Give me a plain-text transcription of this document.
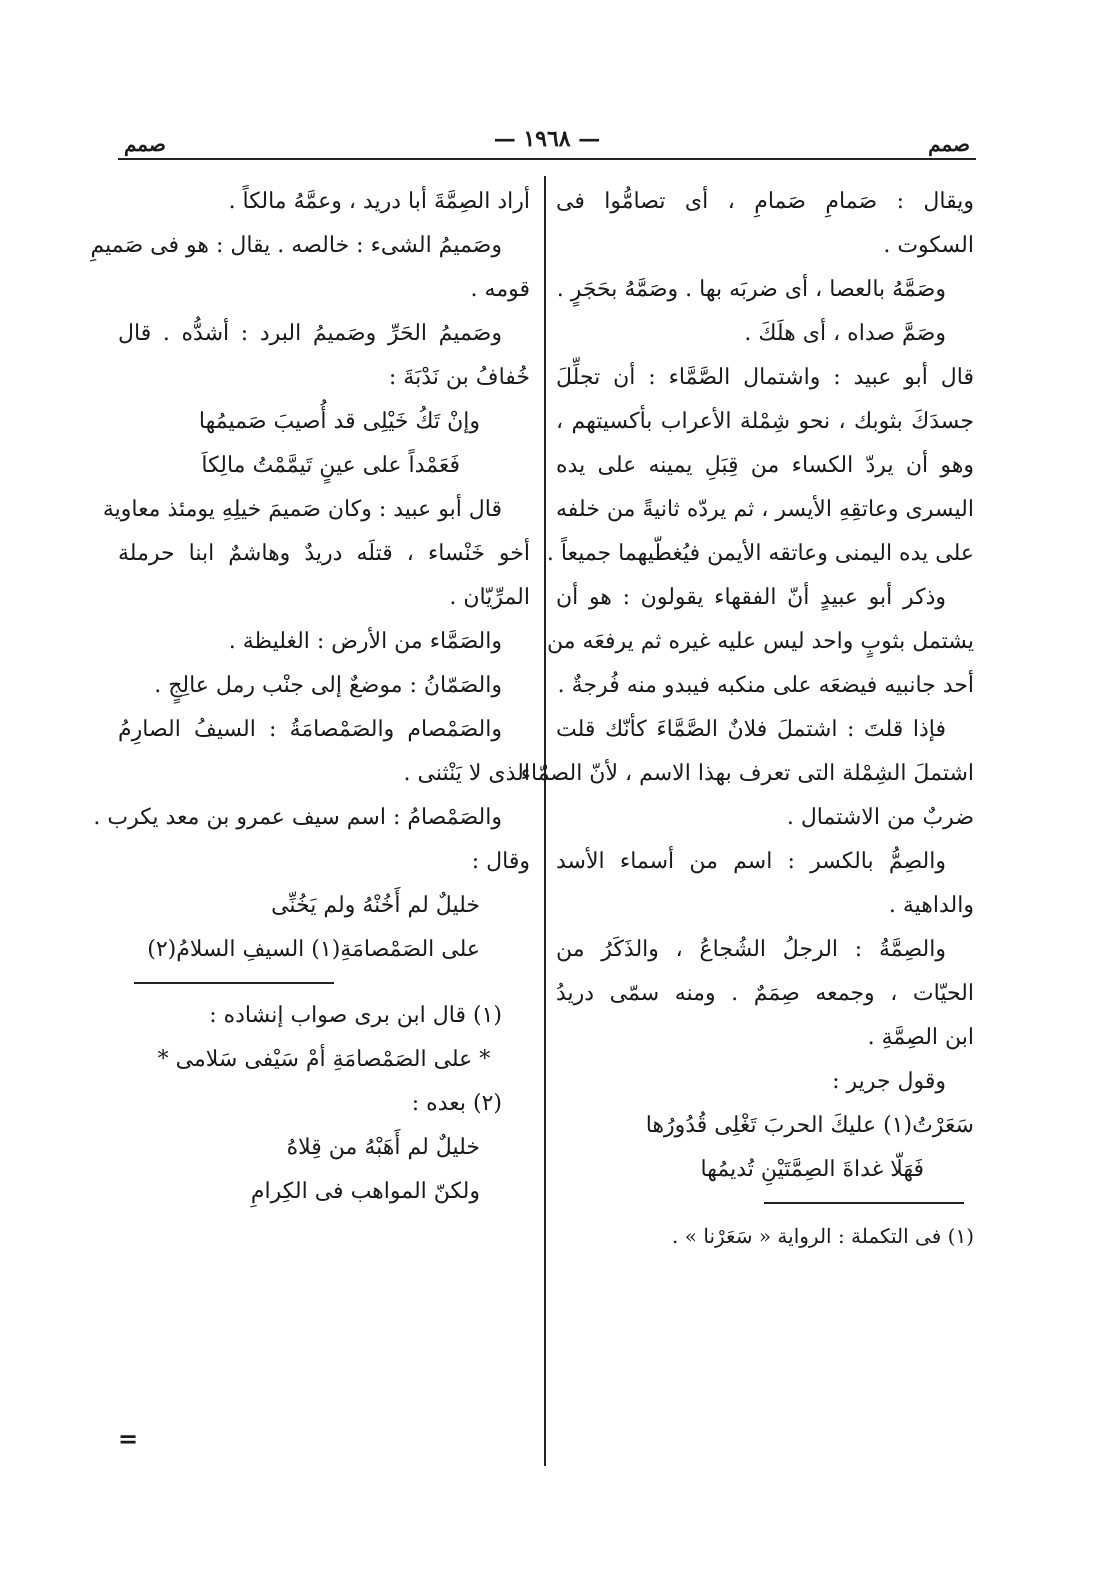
صمم
— ١٩٦٨ —
صمم
ويقال : صَمامِ صَمامِ ، أى تصامُّوا فى
السكوت .
وصَمَّهُ بالعصا ، أى ضربَه بها . وصَمَّهُ بحَجَرٍ .
وصَمَّ صداه ، أى هلَكَ .
قال أبو عبيد : واشتمال الصَّمَّاء : أن تجلِّلَ
جسدَكَ بثوبك ، نحو شِمْلة الأعراب بأكسيتهم ،
وهو أن يردّ الكساء من قِبَلِ يمينه على يده
اليسرى وعاتقِهِ الأيسر ، ثم يردّه ثانيةً من خلفه
على يده اليمنى وعاتقه الأيمن فيُغطّيهما جميعاً .
وذكر أبو عبيدٍ أنّ الفقهاء يقولون : هو أن
يشتمل بثوبٍ واحد ليس عليه غيره ثم يرفعَه من
أحد جانبيه فيضعَه على منكبه فيبدو منه فُرجةٌ .
فإذا قلتَ : اشتملَ فلانٌ الصَّمَّاءَ كأنّك قلت
اشتملَ الشِمْلة التى تعرف بهذا الاسم ، لأنّ الصمّاء
ضربٌ من الاشتمال .
والصِمُّ بالكسر : اسم من أسماء الأسد
والداهية .
والصِمَّةُ : الرجلُ الشُجاعُ ، والذَكَرُ من
الحيّات ، وجمعه صِمَمٌ . ومنه سمّى دريدُ
ابن الصِمَّةِ .
وقول جرير :
سَعَرْتُ(١) عليكَ الحربَ تَغْلِى قُدُورُها
فَهَلّا غداةَ الصِمَّتَيْنِ تُديمُها
(١) فى التكملة : الرواية « سَعَرْنا » .
أراد الصِمَّةَ أبا دريد ، وعمَّهُ مالكاً .
وصَميمُ الشىء : خالصه . يقال : هو فى صَميمِ
قومه .
وصَميمُ الحَرِّ وصَميمُ البرد : أشدُّه . قال
خُفافُ بن نَدْبَةَ :
وإنْ تَكُ خَيْلِى قد أُصيبَ صَميمُها
فَعَمْداً على عينٍ تَيمَّمْتُ مالِكاَ
قال أبو عبيد : وكان صَميمَ خيلِهِ يومئذ معاوية
أخو خَنْساء ، قتلَه دريدٌ وهاشمٌ ابنا حرملة
المرِّيّان .
والصَمَّاء من الأرض : الغليظة .
والصَمّانُ : موضعٌ إلى جنْب رمل عالِجٍ .
والصَمْصام والصَمْصامَةُ : السيفُ الصارِمُ
الذى لا يَنْثنى .
والصَمْصامُ : اسم سيف عمرو بن معد يكرب .
وقال :
خليلٌ لم أَخُنْهُ ولم يَخُنِّى
على الصَمْصامَةِ(١) السيفِ السلامُ(٢)
(١) قال ابن برى صواب إنشاده :
* على الصَمْصامَةِ أمْ سَيْفى سَلامى *
(٢) بعده :
خليلٌ لم أَهَبْهُ من قِلاهُ
ولكنّ المواهب فى الكِرامِ
=
